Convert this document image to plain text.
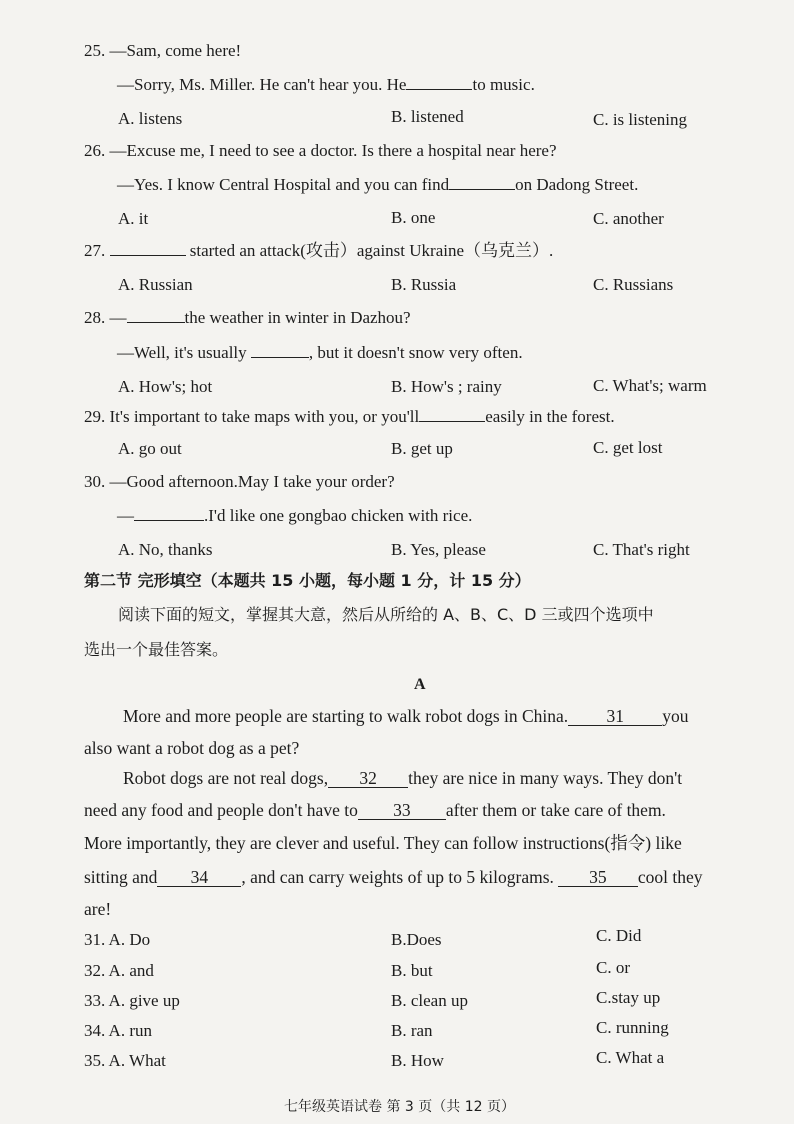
25. —Sam, come here!
—Sorry, Ms. Miller. He can't hear you. He	to music.
A. listens	B. listened	C. is listening
26. —Excuse me, I need to see a doctor. Is there a hospital near here?
—Yes. I know Central Hospital and you can find	on Dadong Street.
A. it	B. one	C. another
27.	started an attack(攻击）against Ukraine（乌克兰）.
A. Russian	B. Russia	C. Russians
28. —	the weather in winter in Dazhou?
—Well, it's usually	, but it doesn't snow very often.
A. How's; hot	B. How's ; rainy	C. What's; warm
29. It's important to take maps with you, or you'll	easily in the forest.
A. go out	B. get up	C. get lost
30. —Good afternoon.May I take your order?
—	.I'd like one gongbao chicken with rice.
A. No, thanks	B. Yes, please	C. That's right
第二节 完形填空（本题共 15 小题，每小题 1 分，计 15 分）
阅读下面的短文，掌握其大意，然后从所给的 A、B、C、D 三或四个选项中
选出一个最佳答案。
A
More and more people are starting to walk robot dogs in China. 31 you
also want a robot dog as a pet?
Robot dogs are not real dogs, 32 they are nice in many ways. They don't
need any food and people don't have to 33 after them or take care of them.
More importantly, they are clever and useful. They can follow instructions(指令) like
sitting and 34 , and can carry weights of up to 5 kilograms. 35 cool they
are!
31. A. Do	B.Does	C. Did
32. A. and	B. but	C. or
33. A. give up	B. clean up	C.stay up
34. A. run	B. ran	C. running
35. A. What	B. How	C. What a
七年级英语试卷 第 3 页（共 12 页）
